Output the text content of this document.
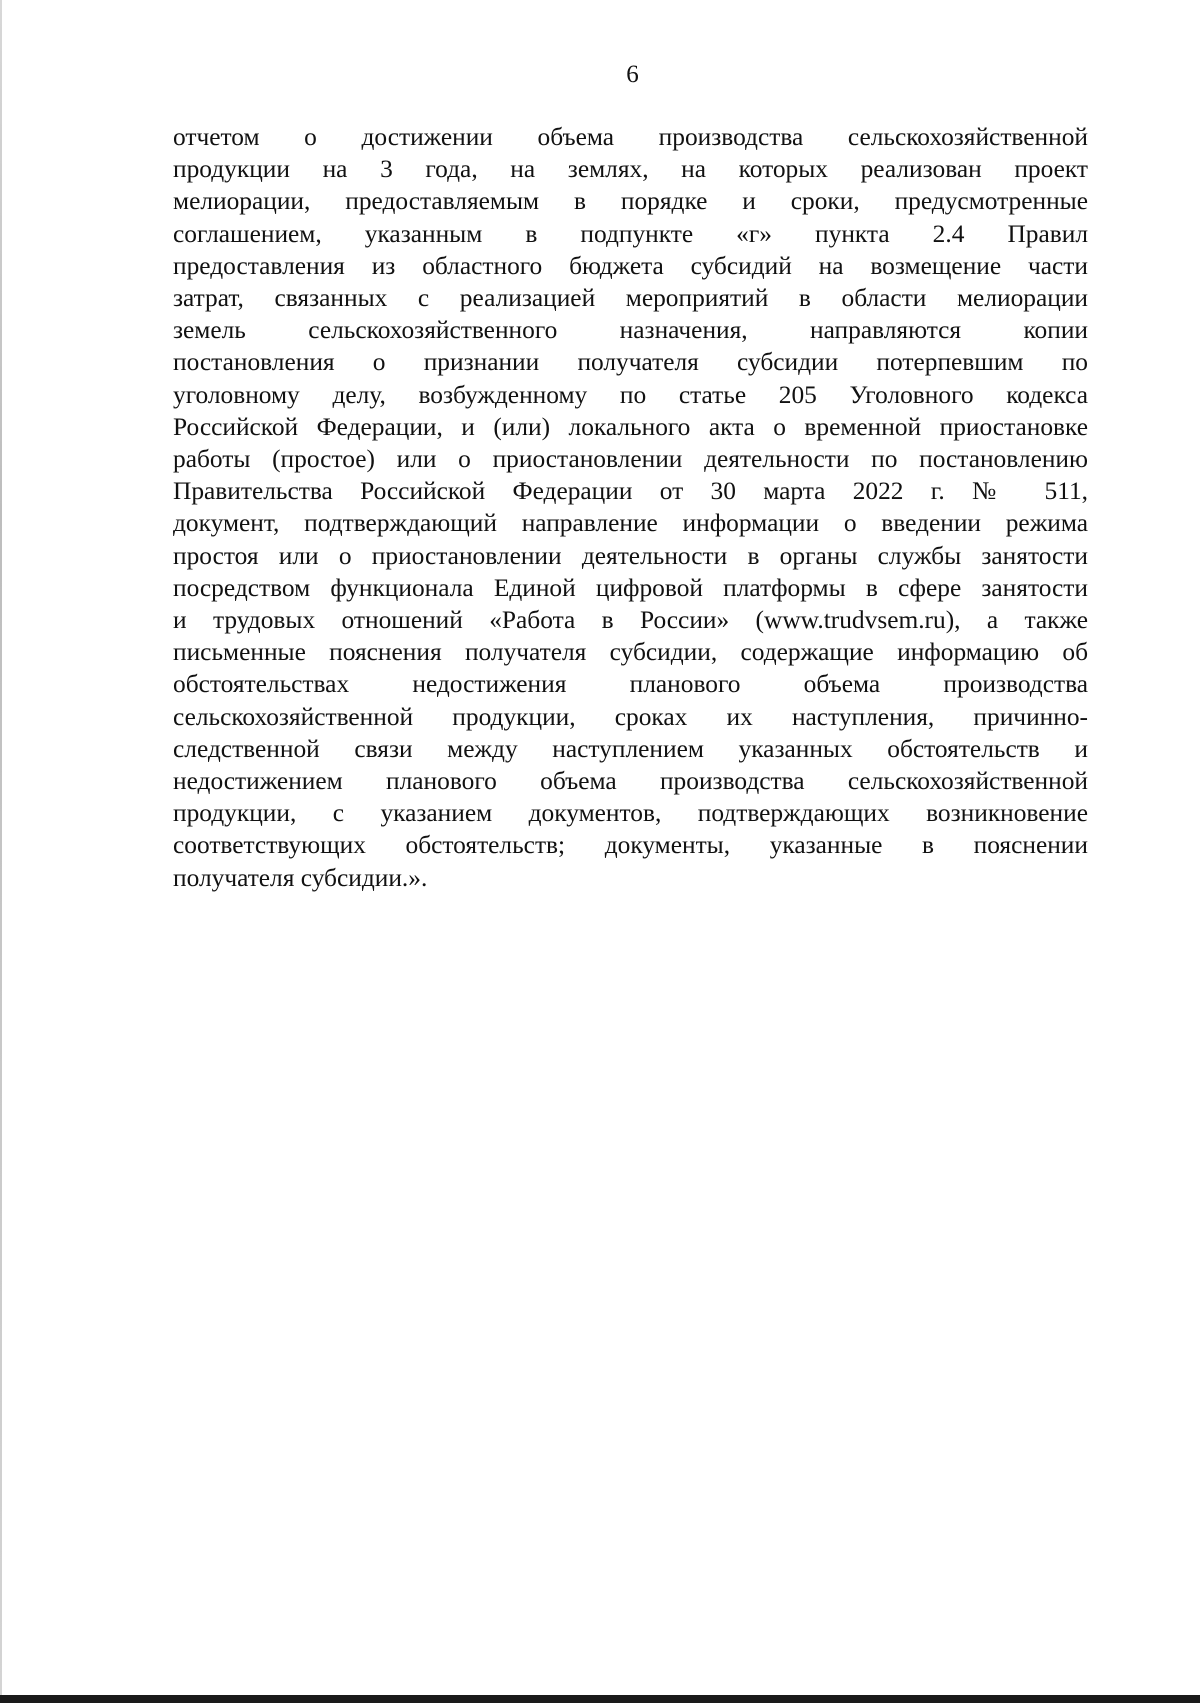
6

отчетом о достижении объема производства сельскохозяйственной
продукции на 3 года, на землях, на которых реализован проект
мелиорации, предоставляемым в порядке и сроки, предусмотренные
соглашением, указанным в подпункте «г» пункта 2.4 Правил
предоставления из областного бюджета субсидий на возмещение части
затрат, связанных с реализацией мероприятий в области мелиорации
земель сельскохозяйственного назначения, направляются копии
постановления о признании получателя субсидии потерпевшим по
уголовному делу, возбужденному по статье 205 Уголовного кодекса
Российской Федерации, и (или) локального акта о временной приостановке
работы (простое) или о приостановлении деятельности по постановлению
Правительства Российской Федерации от 30 марта 2022 г. № 511,
документ, подтверждающий направление информации о введении режима
простоя или о приостановлении деятельности в органы службы занятости
посредством функционала Единой цифровой платформы в сфере занятости
и трудовых отношений «Работа в России» (www.trudvsem.ru), а также
письменные пояснения получателя субсидии, содержащие информацию об
обстоятельствах недостижения планового объема производства
сельскохозяйственной продукции, сроках их наступления, причинно-
следственной связи между наступлением указанных обстоятельств и
недостижением планового объема производства сельскохозяйственной
продукции, с указанием документов, подтверждающих возникновение
соответствующих обстоятельств; документы, указанные в пояснении
получателя субсидии.».
